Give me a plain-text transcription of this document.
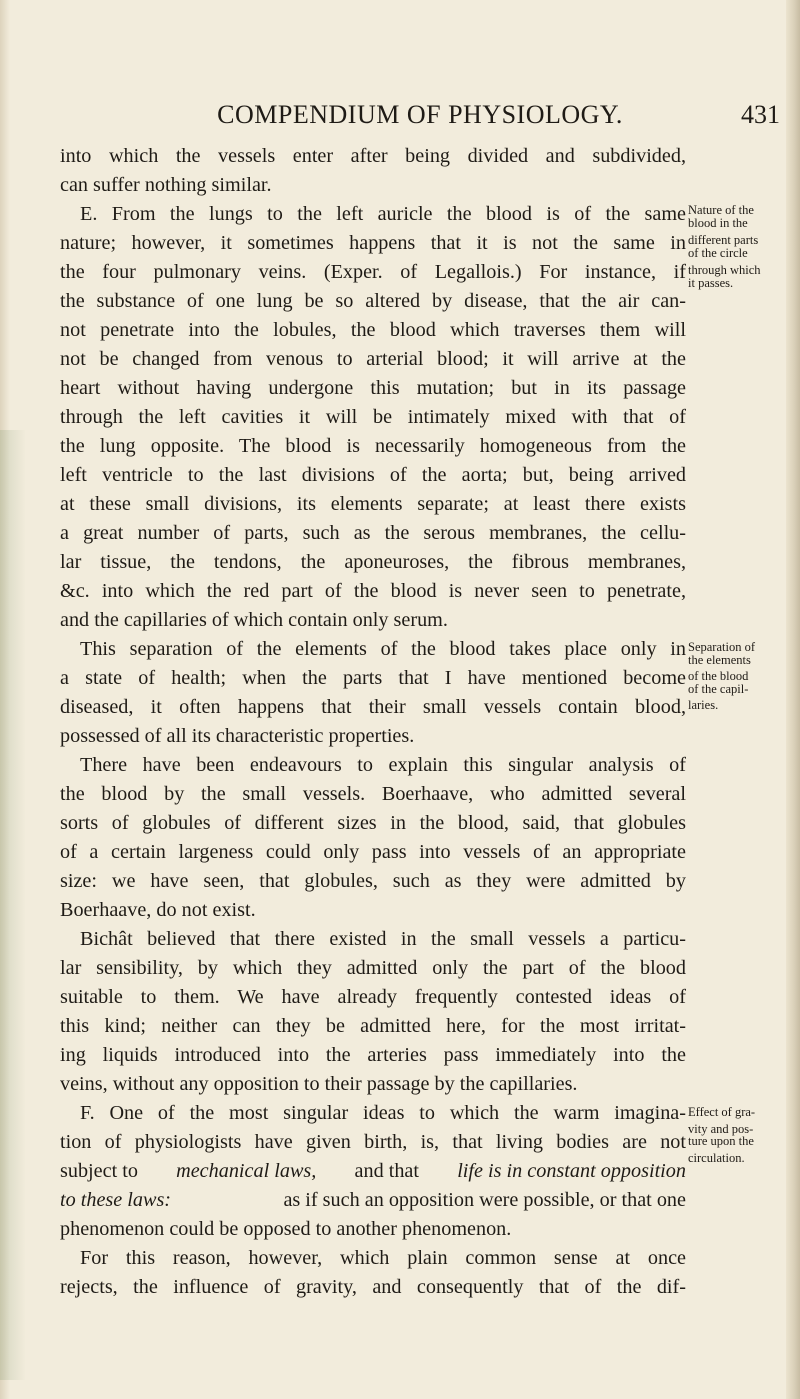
COMPENDIUM OF PHYSIOLOGY.	431
into which the vessels enter after being divided and subdivided,
can suffer nothing similar.
E. From the lungs to the left auricle the blood is of the same Nature of the
blood in the
different parts
of the circle
through which
it passes.
nature; however, it sometimes happens that it is not the same in
the four pulmonary veins. (Exper. of Legallois.) For instance, if
the substance of one lung be so altered by disease, that the air can-
not penetrate into the lobules, the blood which traverses them will
not be changed from venous to arterial blood; it will arrive at the
heart without having undergone this mutation; but in its passage
through the left cavities it will be intimately mixed with that of
the lung opposite. The blood is necessarily homogeneous from the
left ventricle to the last divisions of the aorta; but, being arrived
at these small divisions, its elements separate; at least there exists
a great number of parts, such as the serous membranes, the cellu-
lar tissue, the tendons, the aponeuroses, the fibrous membranes,
&c. into which the red part of the blood is never seen to penetrate,
and the capillaries of which contain only serum.
This separation of the elements of the blood takes place only in Separation of
the elements
of the blood
of the capil-
laries.
a state of health; when the parts that I have mentioned become
diseased, it often happens that their small vessels contain blood,
possessed of all its characteristic properties.
There have been endeavours to explain this singular analysis of
the blood by the small vessels. Boerhaave, who admitted several
sorts of globules of different sizes in the blood, said, that globules
of a certain largeness could only pass into vessels of an appropriate
size: we have seen, that globules, such as they were admitted by
Boerhaave, do not exist.
Bichât believed that there existed in the small vessels a particu-
lar sensibility, by which they admitted only the part of the blood
suitable to them. We have already frequently contested ideas of
this kind; neither can they be admitted here, for the most irritat-
ing liquids introduced into the arteries pass immediately into the
veins, without any opposition to their passage by the capillaries.
F. One of the most singular ideas to which the warm imagina- Effect of gra-
vity and pos-
ture upon the
circulation.
tion of physiologists have given birth, is, that living bodies are not
subject to mechanical laws, and that life is in constant opposition
to these laws:	as if such an opposition were possible, or that one
phenomenon could be opposed to another phenomenon.
For this reason, however, which plain common sense at once
rejects, the influence of gravity, and consequently that of the dif-
